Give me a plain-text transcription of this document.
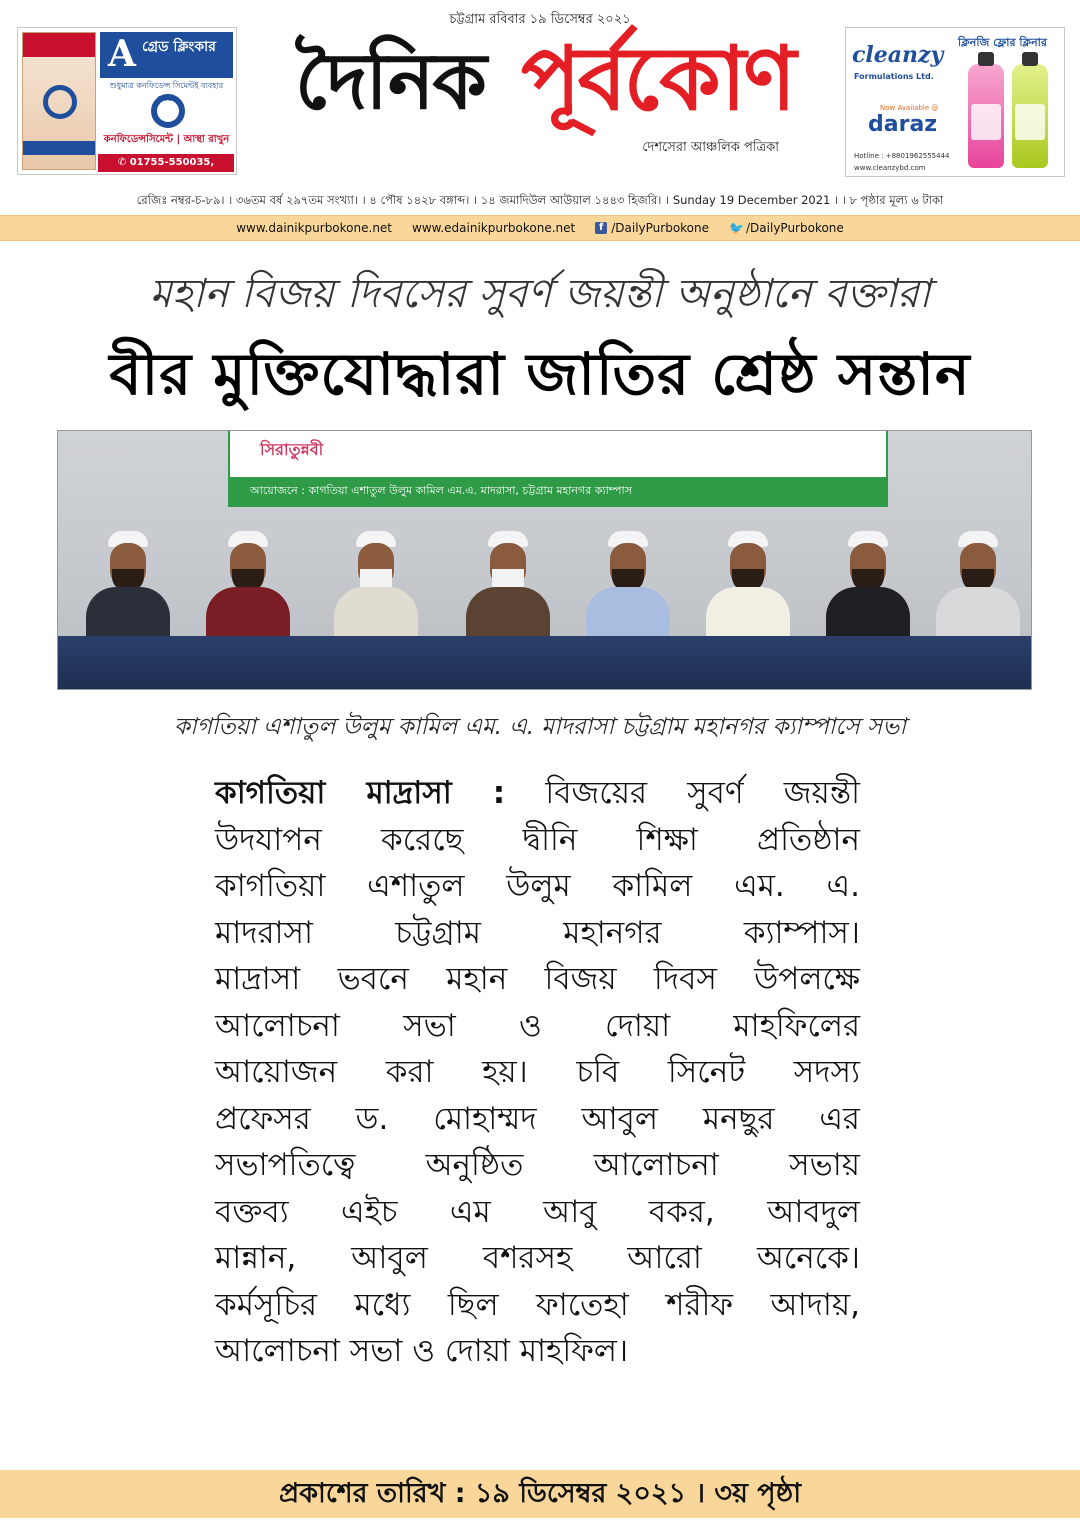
চট্টগ্রাম রবিবার ১৯ ডিসেম্বর ২০২১
A গ্রেড ক্লিংকার
শুধুমাত্র কনফিডেন্স সিমেন্টই ব্যবহার করছে
কনফিডেন্সসিমেন্ট | আস্থা রাখুন
✆ 01755-550035, 01755-550036
দৈনিক পূর্বকোণ
দেশসেরা আঞ্চলিক পত্রিকা
cleanzy
Formulations Ltd.
ক্লিনজি ফ্লোর ক্লিনার
Now Available @
daraz
Hotline : +8801962555444
www.cleanzybd.com
রেজিঃ নম্বর-চ-৮৯। । ৩৬তম বর্ষ ২৯৭তম সংখ্যা। । ৪ পৌষ ১৪২৮ বঙ্গাব্দ। । ১৪ জমাদিউল আউয়াল ১৪৪৩ হিজরি। । Sunday 19 December 2021 । । ৮ পৃষ্ঠার মূল্য ৬ টাকা
www.dainikpurbokone.net www.edainikpurbokone.net	f /DailyPurbokone 🐦 /DailyPurbokone
মহান বিজয় দিবসের সুবর্ণ জয়ন্তী অনুষ্ঠানে বক্তারা
বীর মুক্তিযোদ্ধারা জাতির শ্রেষ্ঠ সন্তান
সিরাতুন্নবী
আয়োজনে : কাগতিয়া এশাতুল উলুম কামিল এম.এ. মাদরাসা, চট্টগ্রাম মহানগর ক্যাম্পাস
কাগতিয়া এশাতুল উলুম কামিল এম. এ. মাদরাসা চট্টগ্রাম মহানগর ক্যাম্পাসে সভা
কাগতিয়া মাদ্রাসা : বিজয়ের সুবর্ণ জয়ন্তী
উদযাপন করেছে দ্বীনি শিক্ষা প্রতিষ্ঠান
কাগতিয়া এশাতুল উলুম কামিল এম. এ.
মাদরাসা চট্টগ্রাম মহানগর ক্যাম্পাস।
মাদ্রাসা ভবনে মহান বিজয় দিবস উপলক্ষে
আলোচনা সভা ও দোয়া মাহফিলের
আয়োজন করা হয়। চবি সিনেট সদস্য
প্রফেসর ড. মোহাম্মদ আবুল মনছুর এর
সভাপতিত্বে অনুষ্ঠিত আলোচনা সভায়
বক্তব্য এইচ এম আবু বকর, আবদুল
মান্নান, আবুল বশরসহ আরো অনেকে।
কর্মসূচির মধ্যে ছিল ফাতেহা শরীফ আদায়,
আলোচনা সভা ও দোয়া মাহফিল।
প্রকাশের তারিখ : ১৯ ডিসেম্বর ২০২১ । ৩য় পৃষ্ঠা
